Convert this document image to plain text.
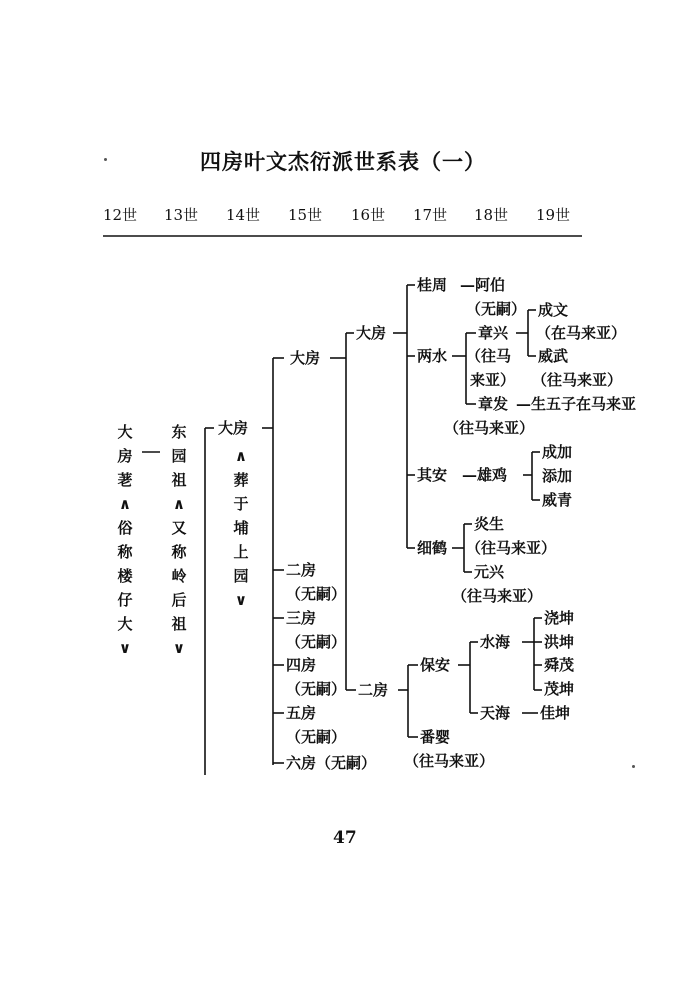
四房叶文杰衍派世系表（一）
12世 13世 14世 15世 16世 17世 18世 19世
大房荖∧俗称楼仔大∨
东园祖∧又称岭后祖∨
大房
∧葬于埔上园∨
大房
二房
（无嗣）
三房
（无嗣）
四房
（无嗣）
五房
（无嗣）
六房（无嗣）
大房
二房
桂周
两水
其安
细鹤
保安
番婴
（往马来亚）
—阿伯
（无嗣）
章兴
（往马
来亚）
章发
（往马来亚）
—雄鸡
炎生
（往马来亚）
元兴
（往马来亚）
水海
天海
成文
（在马来亚）
威武
（往马来亚）
—生五子在马来亚
成加
添加
威青
浇坤
洪坤
舜茂
茂坤
佳坤
47
